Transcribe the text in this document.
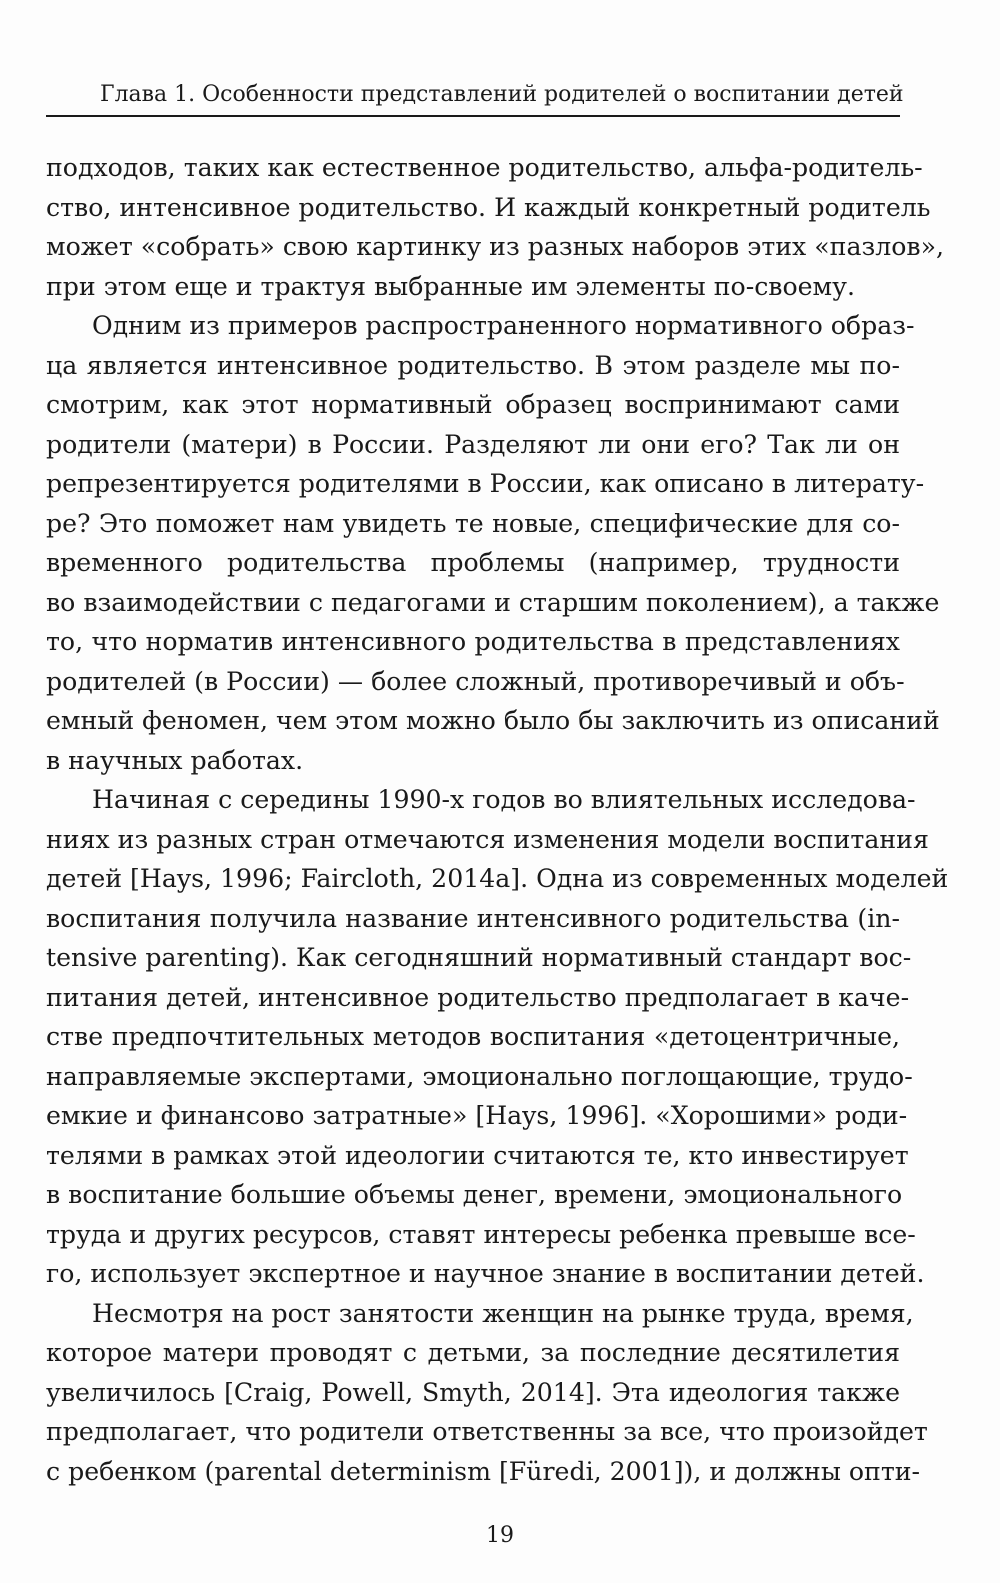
Глава 1. Особенности представлений родителей о воспитании детей
подходов, таких как естественное родительство, альфа-родитель-
ство, интенсивное родительство. И каждый конкретный родитель
может «собрать» свою картинку из разных наборов этих «пазлов»,
при этом еще и трактуя выбранные им элементы по-своему.
Одним из примеров распространенного нормативного образ-
ца является интенсивное родительство. В этом разделе мы по-
смотрим, как этот нормативный образец воспринимают сами
родители (матери) в России. Разделяют ли они его? Так ли он
репрезентируется родителями в России, как описано в литерату-
ре? Это поможет нам увидеть те новые, специфические для со-
временного родительства проблемы (например, трудности
во взаимодействии с педагогами и старшим поколением), а также
то, что норматив интенсивного родительства в представлениях
родителей (в России) — более сложный, противоречивый и объ-
емный феномен, чем этом можно было бы заключить из описаний
в научных работах.
Начиная с середины 1990-х годов во влиятельных исследова-
ниях из разных стран отмечаются изменения модели воспитания
детей [Hays, 1996; Faircloth, 2014a]. Одна из современных моделей
воспитания получила название интенсивного родительства (in-
tensive parenting). Как сегодняшний нормативный стандарт вос-
питания детей, интенсивное родительство предполагает в каче-
стве предпочтительных методов воспитания «детоцентричные,
направляемые экспертами, эмоционально поглощающие, трудо-
емкие и финансово затратные» [Hays, 1996]. «Хорошими» роди-
телями в рамках этой идеологии считаются те, кто инвестирует
в воспитание большие объемы денег, времени, эмоционального
труда и других ресурсов, ставят интересы ребенка превыше все-
го, использует экспертное и научное знание в воспитании детей.
Несмотря на рост занятости женщин на рынке труда, время,
которое матери проводят с детьми, за последние десятилетия
увеличилось [Craig, Powell, Smyth, 2014]. Эта идеология также
предполагает, что родители ответственны за все, что произойдет
с ребенком (parental determinism [Füredi, 2001]), и должны опти-
19
